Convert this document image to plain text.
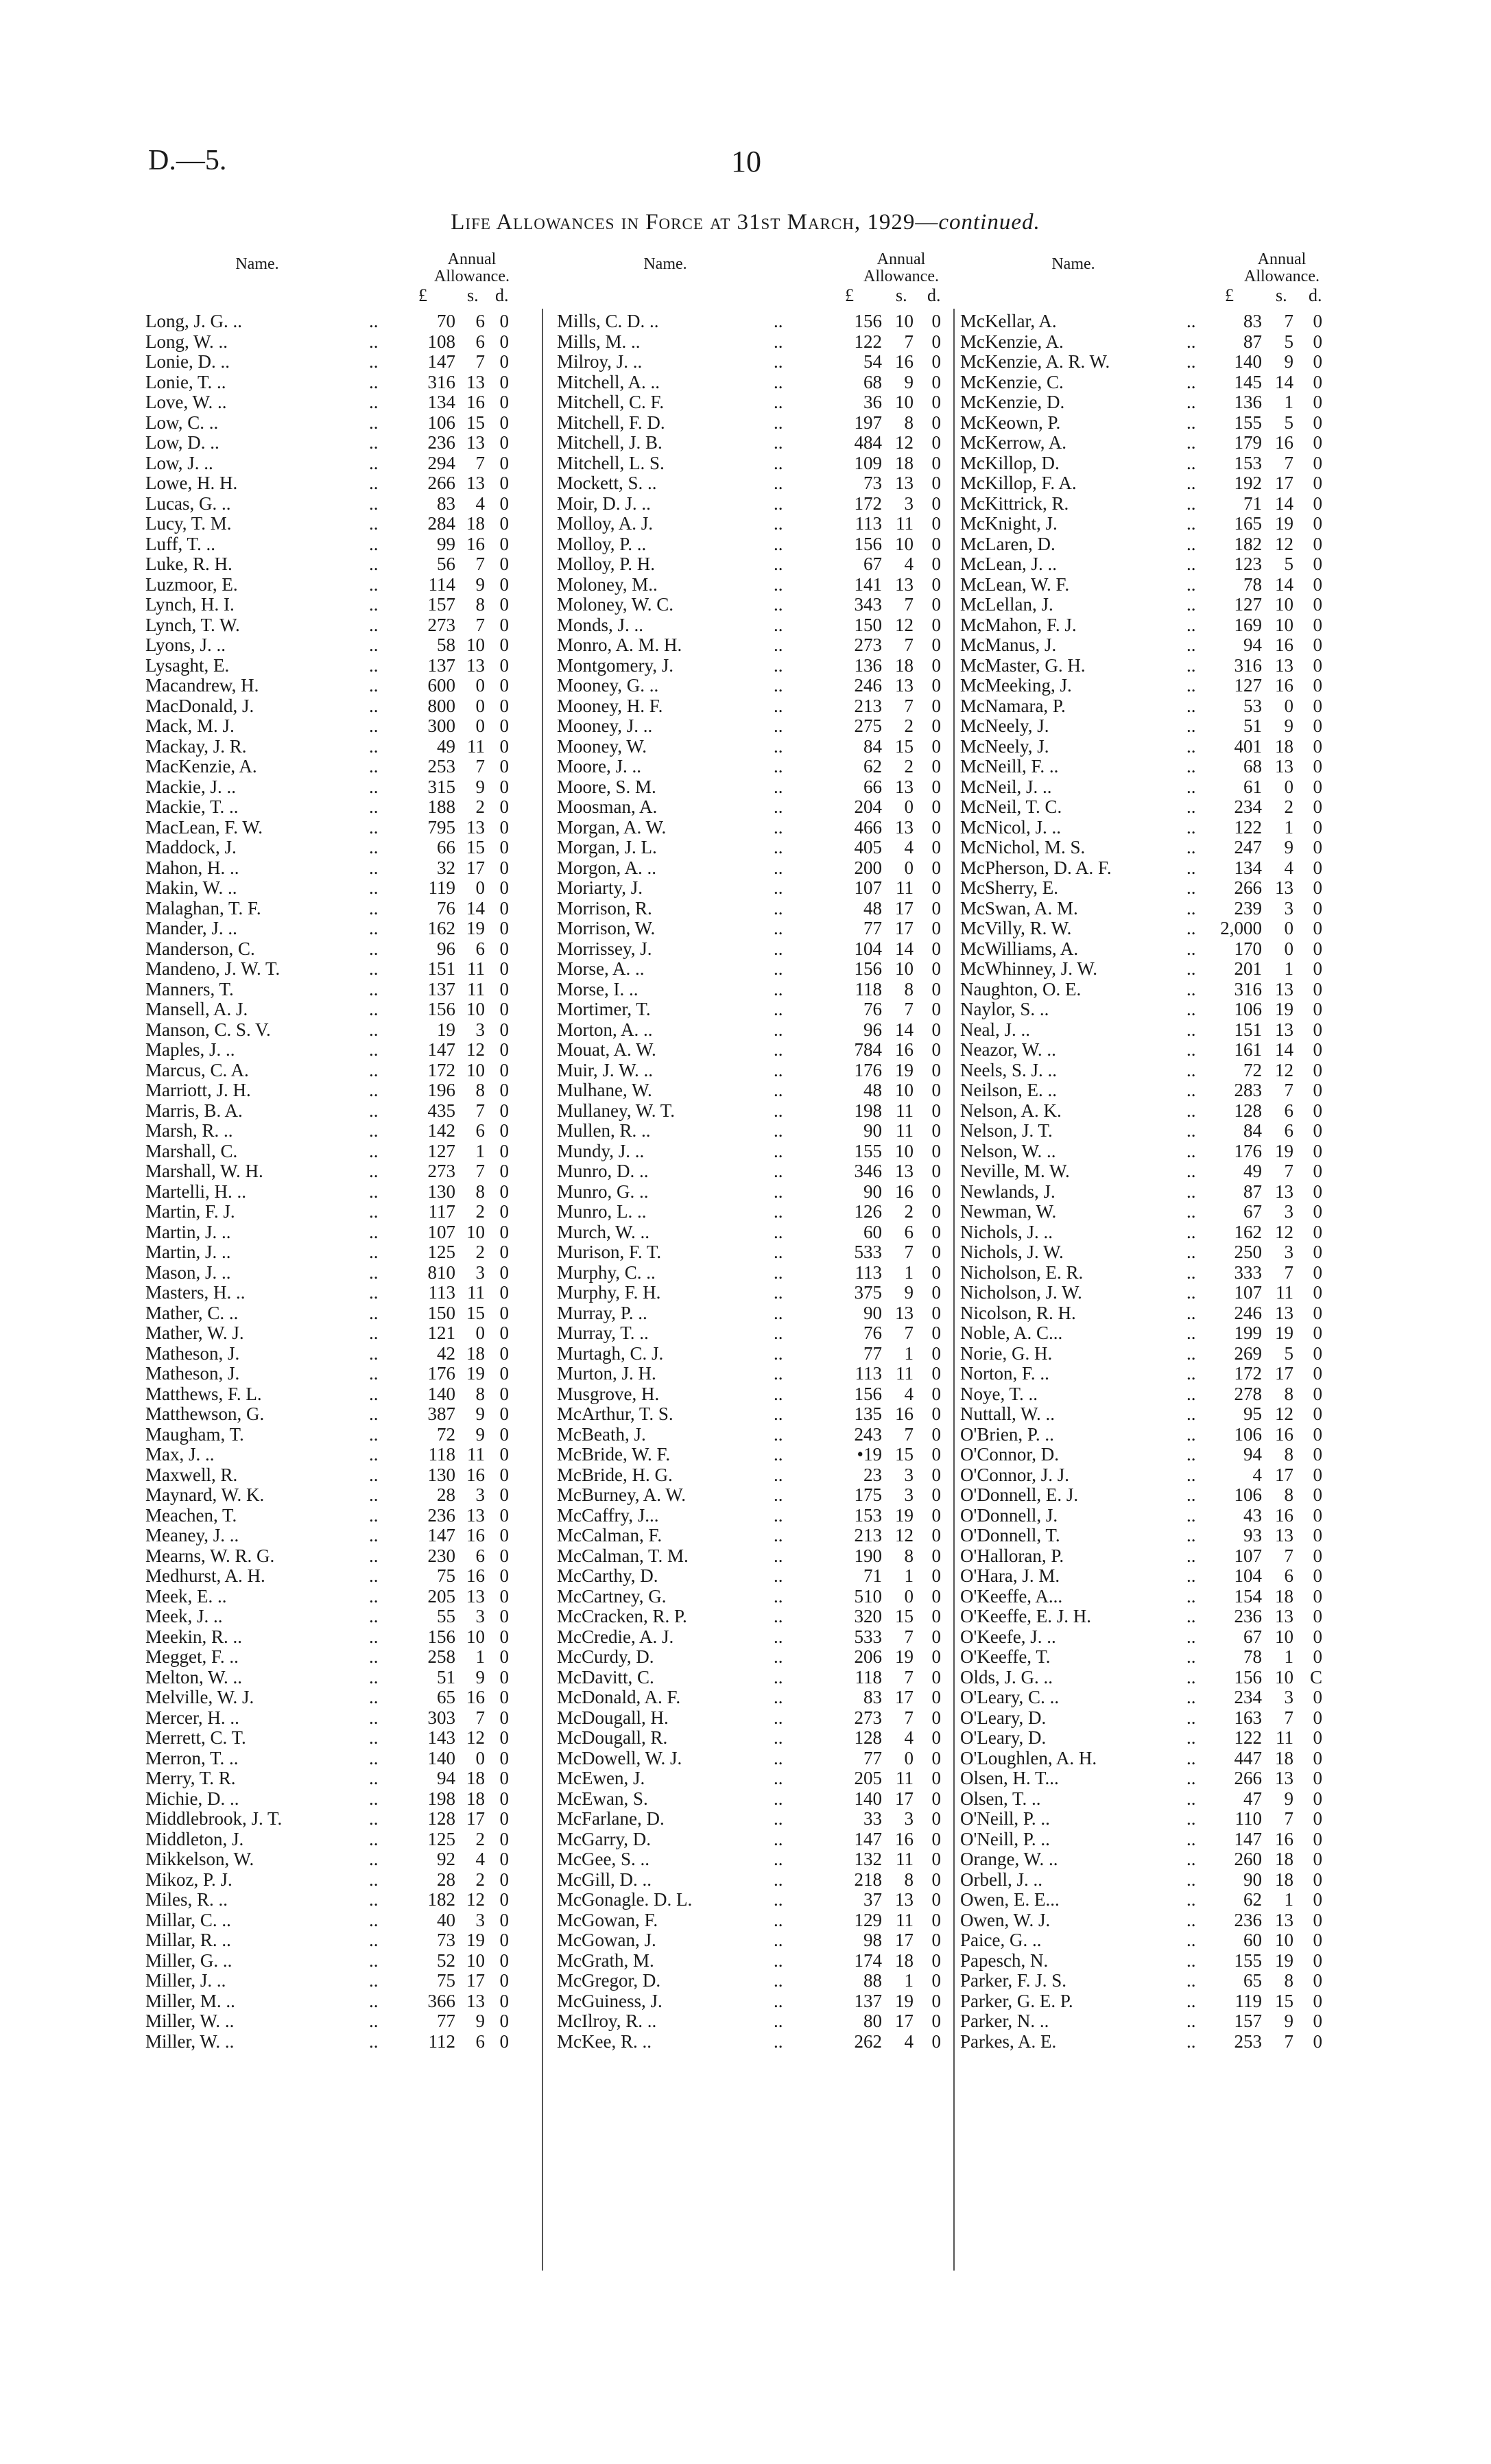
D.—5.	10
Life Allowances in Force at 31st March, 1929—continued.
Name.	Annual
Allowance.
£ s. d.
Long, J. G. ..	..	70 6 0
Long, W. ..	..	108 6 0
Lonie, D. ..	..	147 7 0
Lonie, T. ..	..	316 13 0
Love, W. ..	..	134 16 0
Low, C. ..	..	106 15 0
Low, D. ..	..	236 13 0
Low, J. ..	..	294 7 0
Lowe, H. H.	..	266 13 0
Lucas, G. ..	..	83 4 0
Lucy, T. M.	..	284 18 0
Luff, T. ..	..	99 16 0
Luke, R. H.	..	56 7 0
Luzmoor, E.	..	114 9 0
Lynch, H. I.	..	157 8 0
Lynch, T. W.	..	273 7 0
Lyons, J. ..	..	58 10 0
Lysaght, E.	..	137 13 0
Macandrew, H.	..	600 0 0
MacDonald, J.	..	800 0 0
Mack, M. J.	..	300 0 0
Mackay, J. R.	..	49 11 0
MacKenzie, A.	..	253 7 0
Mackie, J. ..	..	315 9 0
Mackie, T. ..	..	188 2 0
MacLean, F. W.	..	795 13 0
Maddock, J.	..	66 15 0
Mahon, H. ..	..	32 17 0
Makin, W. ..	..	119 0 0
Malaghan, T. F.	..	76 14 0
Mander, J. ..	..	162 19 0
Manderson, C.	..	96 6 0
Mandeno, J. W. T.	..	151 11 0
Manners, T.	..	137 11 0
Mansell, A. J.	..	156 10 0
Manson, C. S. V.	..	19 3 0
Maples, J. ..	..	147 12 0
Marcus, C. A.	..	172 10 0
Marriott, J. H.	..	196 8 0
Marris, B. A.	..	435 7 0
Marsh, R. ..	..	142 6 0
Marshall, C.	..	127 1 0
Marshall, W. H.	..	273 7 0
Martelli, H. ..	..	130 8 0
Martin, F. J.	..	117 2 0
Martin, J. ..	..	107 10 0
Martin, J. ..	..	125 2 0
Mason, J. ..	..	810 3 0
Masters, H. ..	..	113 11 0
Mather, C. ..	..	150 15 0
Mather, W. J.	..	121 0 0
Matheson, J.	..	42 18 0
Matheson, J.	..	176 19 0
Matthews, F. L.	..	140 8 0
Matthewson, G.	..	387 9 0
Maugham, T.	..	72 9 0
Max, J. ..	..	118 11 0
Maxwell, R.	..	130 16 0
Maynard, W. K.	..	28 3 0
Meachen, T.	..	236 13 0
Meaney, J. ..	..	147 16 0
Mearns, W. R. G.	..	230 6 0
Medhurst, A. H.	..	75 16 0
Meek, E. ..	..	205 13 0
Meek, J. ..	..	55 3 0
Meekin, R. ..	..	156 10 0
Megget, F. ..	..	258 1 0
Melton, W. ..	..	51 9 0
Melville, W. J.	..	65 16 0
Mercer, H. ..	..	303 7 0
Merrett, C. T.	..	143 12 0
Merron, T. ..	..	140 0 0
Merry, T. R.	..	94 18 0
Michie, D. ..	..	198 18 0
Middlebrook, J. T.	..	128 17 0
Middleton, J.	..	125 2 0
Mikkelson, W.	..	92 4 0
Mikoz, P. J.	..	28 2 0
Miles, R. ..	..	182 12 0
Millar, C. ..	..	40 3 0
Millar, R. ..	..	73 19 0
Miller, G. ..	..	52 10 0
Miller, J. ..	..	75 17 0
Miller, M. ..	..	366 13 0
Miller, W. ..	..	77 9 0
Miller, W. ..	..	112 6 0
Name.	Annual
Allowance.
£ s. d.
Mills, C. D. ..	..	156 10 0
Mills, M. ..	..	122 7 0
Milroy, J. ..	..	54 16 0
Mitchell, A. ..	..	68 9 0
Mitchell, C. F.	..	36 10 0
Mitchell, F. D.	..	197 8 0
Mitchell, J. B.	..	484 12 0
Mitchell, L. S.	..	109 18 0
Mockett, S. ..	..	73 13 0
Moir, D. J. ..	..	172 3 0
Molloy, A. J.	..	113 11 0
Molloy, P. ..	..	156 10 0
Molloy, P. H.	..	67 4 0
Moloney, M..	..	141 13 0
Moloney, W. C.	..	343 7 0
Monds, J. ..	..	150 12 0
Monro, A. M. H.	..	273 7 0
Montgomery, J.	..	136 18 0
Mooney, G. ..	..	246 13 0
Mooney, H. F.	..	213 7 0
Mooney, J. ..	..	275 2 0
Mooney, W.	..	84 15 0
Moore, J. ..	..	62 2 0
Moore, S. M.	..	66 13 0
Moosman, A.	..	204 0 0
Morgan, A. W.	..	466 13 0
Morgan, J. L.	..	405 4 0
Morgon, A. ..	..	200 0 0
Moriarty, J.	..	107 11 0
Morrison, R.	..	48 17 0
Morrison, W.	..	77 17 0
Morrissey, J.	..	104 14 0
Morse, A. ..	..	156 10 0
Morse, I. ..	..	118 8 0
Mortimer, T.	..	76 7 0
Morton, A. ..	..	96 14 0
Mouat, A. W.	..	784 16 0
Muir, J. W. ..	..	176 19 0
Mulhane, W.	..	48 10 0
Mullaney, W. T.	..	198 11 0
Mullen, R. ..	..	90 11 0
Mundy, J. ..	..	155 10 0
Munro, D. ..	..	346 13 0
Munro, G. ..	..	90 16 0
Munro, L. ..	..	126 2 0
Murch, W. ..	..	60 6 0
Murison, F. T.	..	533 7 0
Murphy, C. ..	..	113 1 0
Murphy, F. H.	..	375 9 0
Murray, P. ..	..	90 13 0
Murray, T. ..	..	76 7 0
Murtagh, C. J.	..	77 1 0
Murton, J. H.	..	113 11 0
Musgrove, H.	..	156 4 0
McArthur, T. S.	..	135 16 0
McBeath, J.	..	243 7 0
McBride, W. F.	..	•19 15 0
McBride, H. G.	..	23 3 0
McBurney, A. W.	..	175 3 0
McCaffry, J...	..	153 19 0
McCalman, F.	..	213 12 0
McCalman, T. M.	..	190 8 0
McCarthy, D.	..	71 1 0
McCartney, G.	..	510 0 0
McCracken, R. P.	..	320 15 0
McCredie, A. J.	..	533 7 0
McCurdy, D.	..	206 19 0
McDavitt, C.	..	118 7 0
McDonald, A. F.	..	83 17 0
McDougall, H.	..	273 7 0
McDougall, R.	..	128 4 0
McDowell, W. J.	..	77 0 0
McEwen, J.	..	205 11 0
McEwan, S.	..	140 17 0
McFarlane, D.	..	33 3 0
McGarry, D.	..	147 16 0
McGee, S. ..	..	132 11 0
McGill, D. ..	..	218 8 0
McGonagle. D. L.	..	37 13 0
McGowan, F.	..	129 11 0
McGowan, J.	..	98 17 0
McGrath, M.	..	174 18 0
McGregor, D.	..	88 1 0
McGuiness, J.	..	137 19 0
McIlroy, R. ..	..	80 17 0
McKee, R. ..	..	262 4 0
Name.	Annual
Allowance.
£ s. d.
McKellar, A.	..	83 7 0
McKenzie, A.	..	87 5 0
McKenzie, A. R. W.	.. 140 9 0
McKenzie, C.	.. 145 14 0
McKenzie, D.	.. 136 1 0
McKeown, P.	.. 155 5 0
McKerrow, A.	.. 179 16 0
McKillop, D.	.. 153 7 0
McKillop, F. A.	.. 192 17 0
McKittrick, R.	..	71 14 0
McKnight, J.	.. 165 19 0
McLaren, D.	.. 182 12 0
McLean, J. ..	.. 123 5 0
McLean, W. F.	..	78 14 0
McLellan, J.	.. 127 10 0
McMahon, F. J.	.. 169 10 0
McManus, J.	..	94 16 0
McMaster, G. H.	.. 316 13 0
McMeeking, J.	.. 127 16 0
McNamara, P.	..	53 0 0
McNeely, J.	..	51 9 0
McNeely, J.	.. 401 18 0
McNeill, F. ..	..	68 13 0
McNeil, J. ..	..	61 0 0
McNeil, T. C.	.. 234 2 0
McNicol, J. ..	.. 122 1 0
McNichol, M. S.	.. 247 9 0
McPherson, D. A. F.	.. 134 4 0
McSherry, E.	.. 266 13 0
McSwan, A. M.	.. 239 3 0
McVilly, R. W.	.. 2,000 0 0
McWilliams, A.	.. 170 0 0
McWhinney, J. W.	.. 201 1 0
Naughton, O. E.	.. 316 13 0
Naylor, S. ..	.. 106 19 0
Neal, J. ..	.. 151 13 0
Neazor, W. ..	.. 161 14 0
Neels, S. J. ..	..	72 12 0
Neilson, E. ..	.. 283 7 0
Nelson, A. K.	.. 128 6 0
Nelson, J. T.	..	84 6 0
Nelson, W. ..	.. 176 19 0
Neville, M. W.	..	49 7 0
Newlands, J.	..	87 13 0
Newman, W.	..	67 3 0
Nichols, J. ..	.. 162 12 0
Nichols, J. W.	.. 250 3 0
Nicholson, E. R.	.. 333 7 0
Nicholson, J. W.	.. 107 11 0
Nicolson, R. H.	.. 246 13 0
Noble, A. C...	.. 199 19 0
Norie, G. H.	.. 269 5 0
Norton, F. ..	.. 172 17 0
Noye, T. ..	.. 278 8 0
Nuttall, W. ..	..	95 12 0
O'Brien, P. ..	.. 106 16 0
O'Connor, D.	..	94 8 0
O'Connor, J. J.	..	4 17 0
O'Donnell, E. J.	.. 106 8 0
O'Donnell, J.	..	43 16 0
O'Donnell, T.	..	93 13 0
O'Halloran, P.	.. 107 7 0
O'Hara, J. M.	.. 104 6 0
O'Keeffe, A...	.. 154 18 0
O'Keeffe, E. J. H.	.. 236 13 0
O'Keefe, J. ..	..	67 10 0
O'Keeffe, T.	..	78 1 0
Olds, J. G. ..	.. 156 10 C
O'Leary, C. ..	.. 234 3 0
O'Leary, D.	.. 163 7 0
O'Leary, D.	.. 122 11 0
O'Loughlen, A. H.	.. 447 18 0
Olsen, H. T...	.. 266 13 0
Olsen, T. ..	..	47 9 0
O'Neill, P. ..	.. 110 7 0
O'Neill, P. ..	.. 147 16 0
Orange, W. ..	.. 260 18 0
Orbell, J. ..	..	90 18 0
Owen, E. E...	..	62 1 0
Owen, W. J.	.. 236 13 0
Paice, G. ..	..	60 10 0
Papesch, N.	.. 155 19 0
Parker, F. J. S.	..	65 8 0
Parker, G. E. P.	.. 119 15 0
Parker, N. ..	.. 157 9 0
Parkes, A. E.	.. 253 7 0
